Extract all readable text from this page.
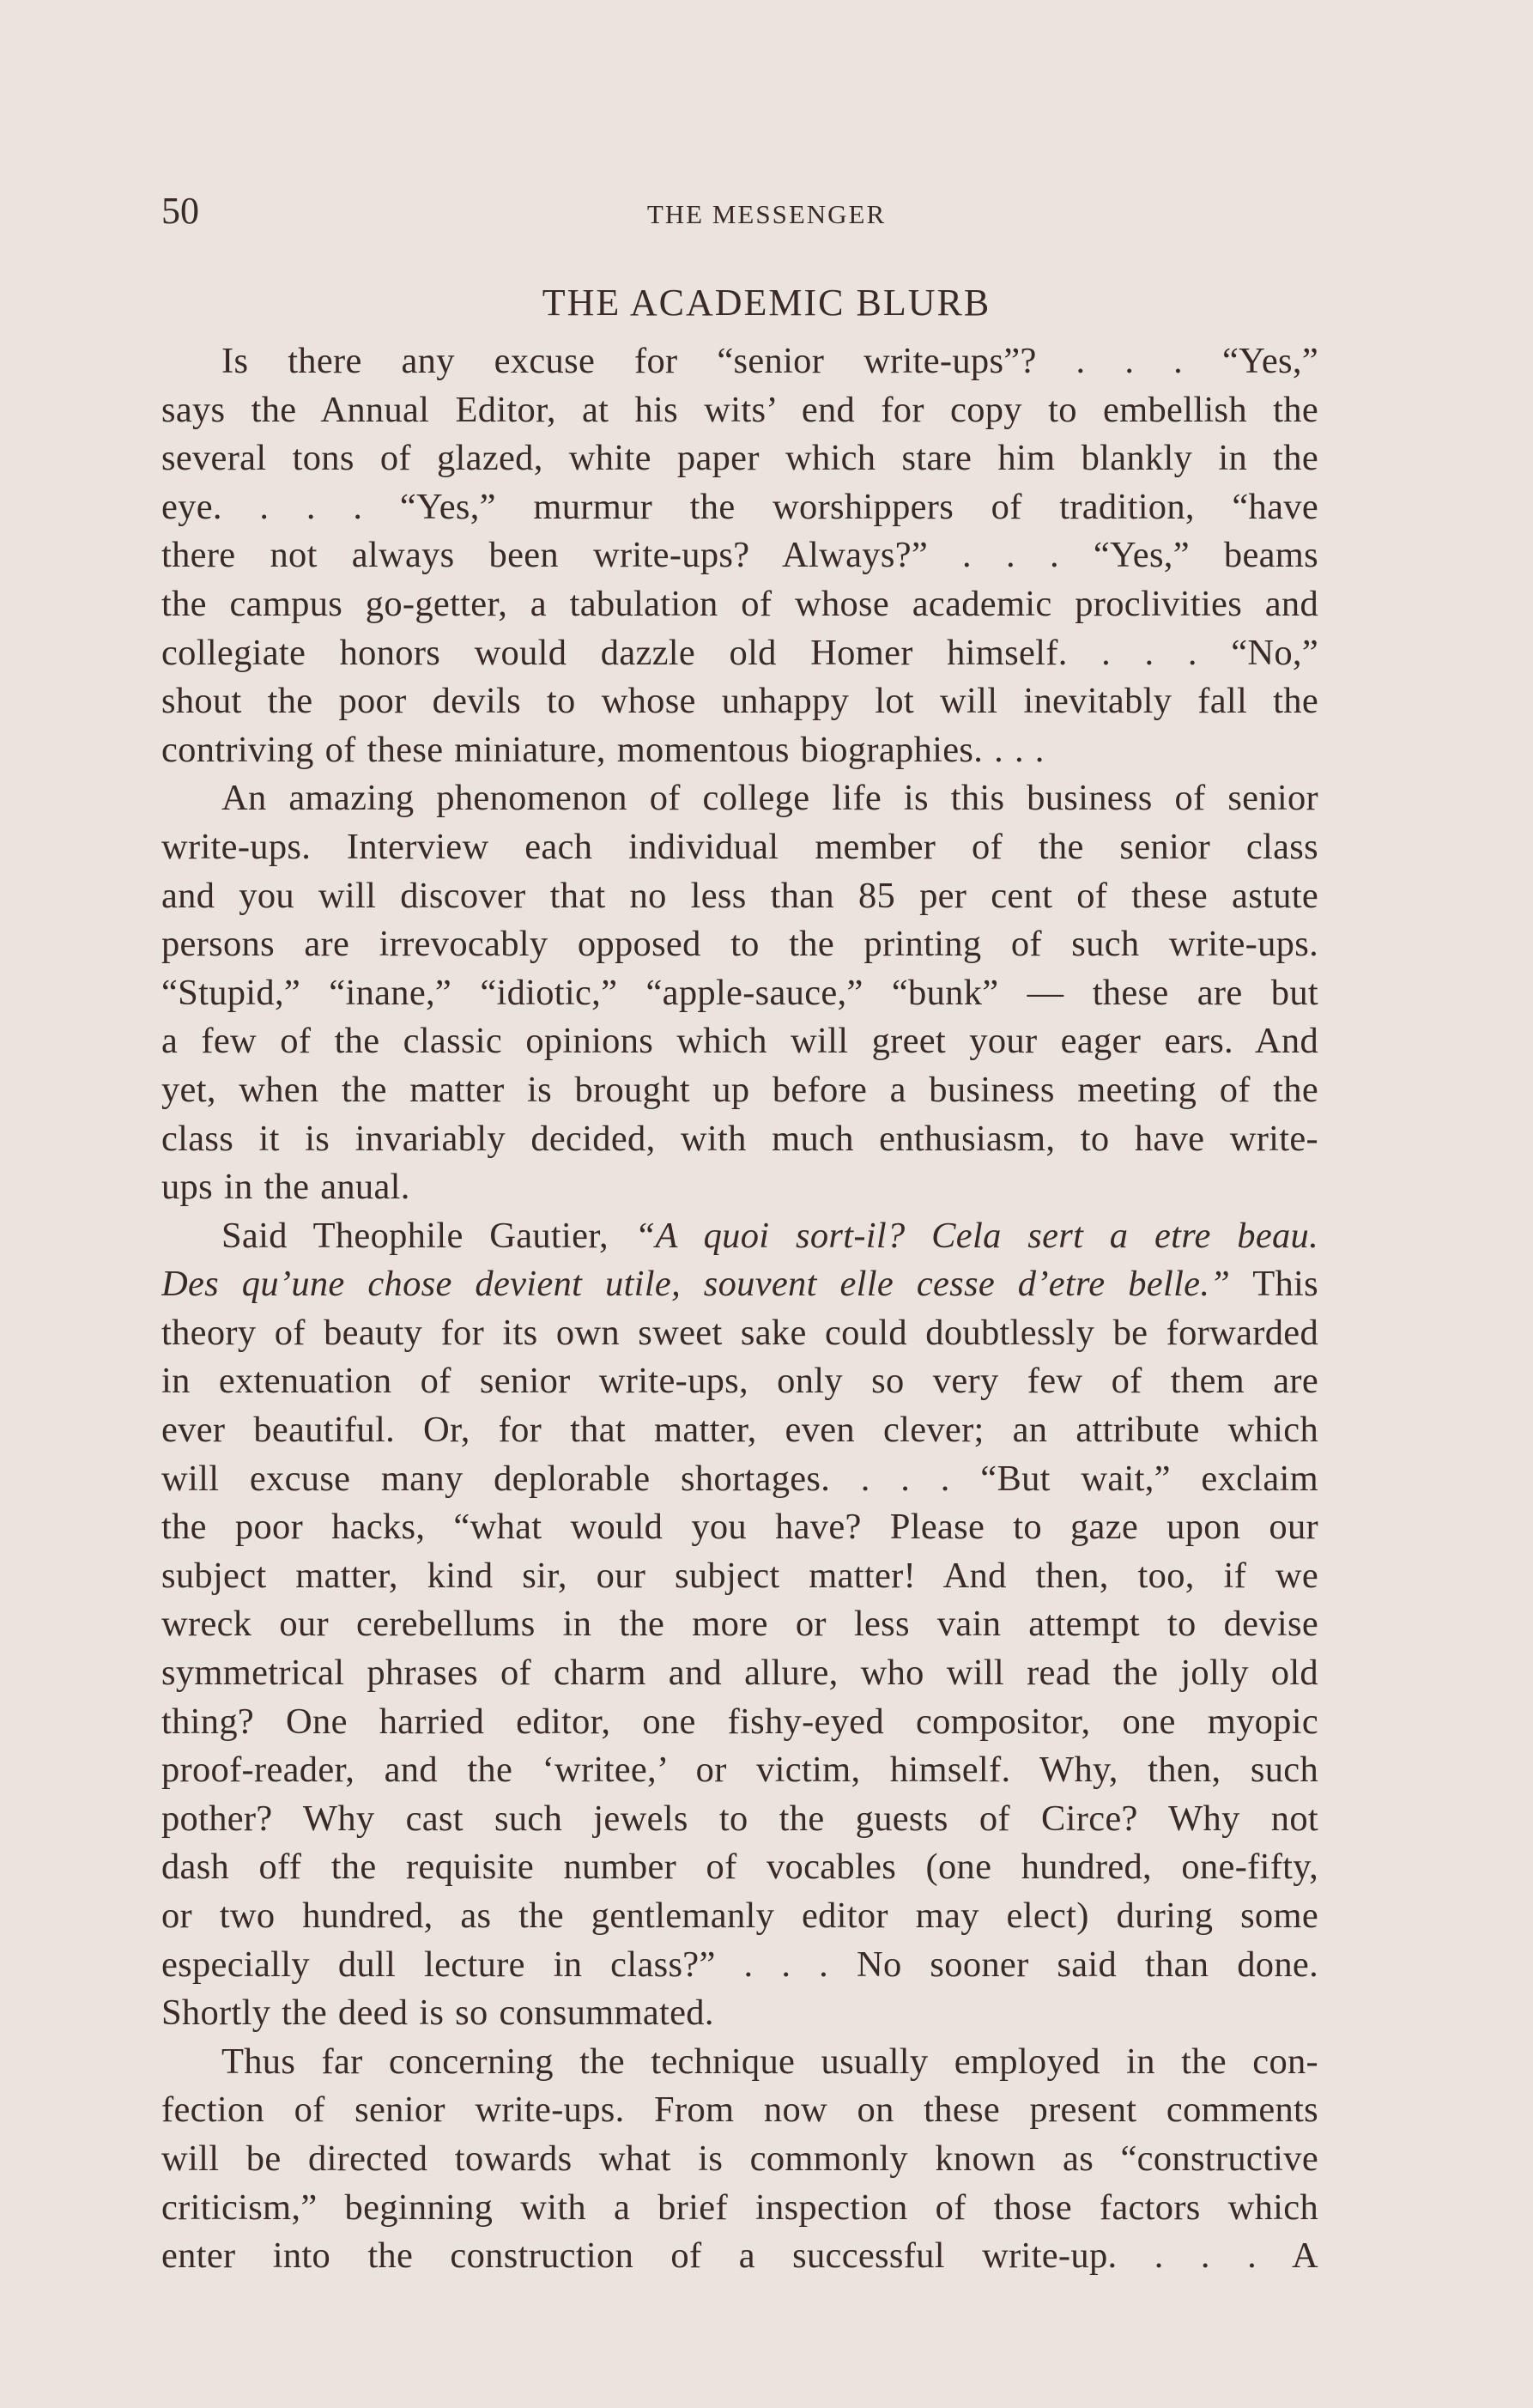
50	THE MESSENGER
THE ACADEMIC BLURB
Is there any excuse for “senior write-ups”? . . . “Yes,”
says the Annual Editor, at his wits’ end for copy to embellish the
several tons of glazed, white paper which stare him blankly in the
eye. . . . “Yes,” murmur the worshippers of tradition, “have
there not always been write-ups? Always?” . . . “Yes,” beams
the campus go-getter, a tabulation of whose academic proclivities and
collegiate honors would dazzle old Homer himself. . . . “No,”
shout the poor devils to whose unhappy lot will inevitably fall the
contriving of these miniature, momentous biographies. . . .
An amazing phenomenon of college life is this business of senior
write-ups. Interview each individual member of the senior class
and you will discover that no less than 85 per cent of these astute
persons are irrevocably opposed to the printing of such write-ups.
“Stupid,” “inane,” “idiotic,” “apple-sauce,” “bunk” — these are but
a few of the classic opinions which will greet your eager ears. And
yet, when the matter is brought up before a business meeting of the
class it is invariably decided, with much enthusiasm, to have write-
ups in the anual.
Said Theophile Gautier, “A quoi sort-il? Cela sert a etre beau.
Des qu’une chose devient utile, souvent elle cesse d’etre belle.” This
theory of beauty for its own sweet sake could doubtlessly be forwarded
in extenuation of senior write-ups, only so very few of them are
ever beautiful. Or, for that matter, even clever; an attribute which
will excuse many deplorable shortages. . . . “But wait,” exclaim
the poor hacks, “what would you have? Please to gaze upon our
subject matter, kind sir, our subject matter! And then, too, if we
wreck our cerebellums in the more or less vain attempt to devise
symmetrical phrases of charm and allure, who will read the jolly old
thing? One harried editor, one fishy-eyed compositor, one myopic
proof-reader, and the ‘writee,’ or victim, himself. Why, then, such
pother? Why cast such jewels to the guests of Circe? Why not
dash off the requisite number of vocables (one hundred, one-fifty,
or two hundred, as the gentlemanly editor may elect) during some
especially dull lecture in class?” . . . No sooner said than done.
Shortly the deed is so consummated.
Thus far concerning the technique usually employed in the con-
fection of senior write-ups. From now on these present comments
will be directed towards what is commonly known as “constructive
criticism,” beginning with a brief inspection of those factors which
enter into the construction of a successful write-up. . . . A
